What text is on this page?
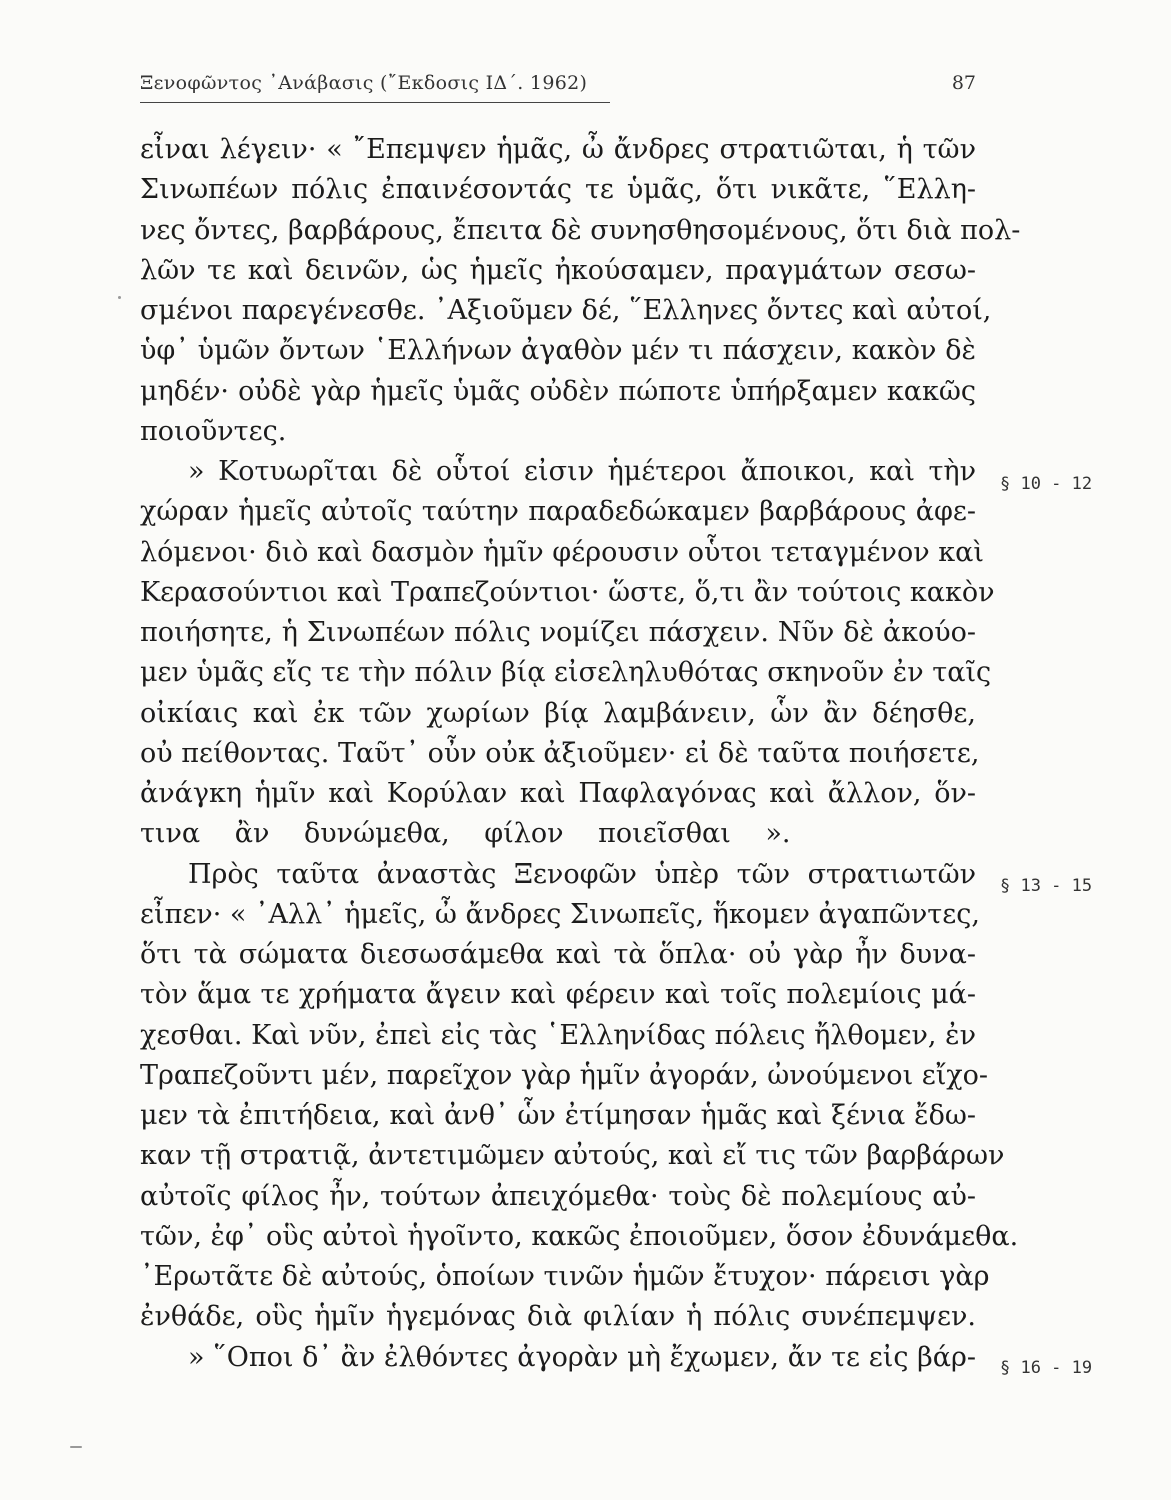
Ξενοφῶντος ᾿Ανάβασις (῎Εκδοσις ΙΔ΄. 1962)	87
εἶναι λέγειν· « ῎Επεμψεν ἡμᾶς, ὦ ἄνδρες στρατιῶται, ἡ τῶν
Σινωπέων πόλις ἐπαινέσοντάς τε ὑμᾶς, ὅτι νικᾶτε, ῞Ελλη-
νες ὄντες, βαρβάρους, ἔπειτα δὲ συνησθησομένους, ὅτι διὰ πολ-
λῶν τε καὶ δεινῶν, ὡς ἡμεῖς ἠκούσαμεν, πραγμάτων σεσω-
σμένοι παρεγένεσθε. ᾿Αξιοῦμεν δέ, ῞Ελληνες ὄντες καὶ αὐτοί,
ὑφ᾿ ὑμῶν ὄντων ῾Ελλήνων ἀγαθὸν μέν τι πάσχειν, κακὸν δὲ
μηδέν· οὐδὲ γὰρ ἡμεῖς ὑμᾶς οὐδὲν πώποτε ὑπήρξαμεν κακῶς
ποιοῦντες.
» Κοτυωρῖται δὲ οὗτοί εἰσιν ἡμέτεροι ἄποικοι, καὶ τὴν
χώραν ἡμεῖς αὐτοῖς ταύτην παραδεδώκαμεν βαρβάρους ἀφε-
λόμενοι· διὸ καὶ δασμὸν ἡμῖν φέρουσιν οὗτοι τεταγμένον καὶ
Κερασούντιοι καὶ Τραπεζούντιοι· ὥστε, ὅ,τι ἂν τούτοις κακὸν
ποιήσητε, ἡ Σινωπέων πόλις νομίζει πάσχειν. Νῦν δὲ ἀκούο-
μεν ὑμᾶς εἴς τε τὴν πόλιν βίᾳ εἰσεληλυθότας σκηνοῦν ἐν ταῖς
οἰκίαις καὶ ἐκ τῶν χωρίων βίᾳ λαμβάνειν, ὧν ἂν δέησθε,
οὐ πείθοντας. Ταῦτ᾿ οὖν οὐκ ἀξιοῦμεν· εἰ δὲ ταῦτα ποιήσετε,
ἀνάγκη ἡμῖν καὶ Κορύλαν καὶ Παφλαγόνας καὶ ἄλλον, ὅν-
τινα ἂν δυνώμεθα, φίλον ποιεῖσθαι ».
Πρὸς ταῦτα ἀναστὰς Ξενοφῶν ὑπὲρ τῶν στρατιωτῶν
εἶπεν· « ᾿Αλλ᾿ ἡμεῖς, ὦ ἄνδρες Σινωπεῖς, ἥκομεν ἀγαπῶντες,
ὅτι τὰ σώματα διεσωσάμεθα καὶ τὰ ὅπλα· οὐ γὰρ ἦν δυνα-
τὸν ἅμα τε χρήματα ἄγειν καὶ φέρειν καὶ τοῖς πολεμίοις μά-
χεσθαι. Καὶ νῦν, ἐπεὶ εἰς τὰς ῾Ελληνίδας πόλεις ἤλθομεν, ἐν
Τραπεζοῦντι μέν, παρεῖχον γὰρ ἡμῖν ἀγοράν, ὠνούμενοι εἴχο-
μεν τὰ ἐπιτήδεια, καὶ ἀνθ᾿ ὧν ἐτίμησαν ἡμᾶς καὶ ξένια ἔδω-
καν τῇ στρατιᾷ, ἀντετιμῶμεν αὐτούς, καὶ εἴ τις τῶν βαρβάρων
αὐτοῖς φίλος ἦν, τούτων ἀπειχόμεθα· τοὺς δὲ πολεμίους αὐ-
τῶν, ἐφ᾿ οὓς αὐτοὶ ἡγοῖντο, κακῶς ἐποιοῦμεν, ὅσον ἐδυνάμεθα.
᾿Ερωτᾶτε δὲ αὐτούς, ὁποίων τινῶν ἡμῶν ἔτυχον· πάρεισι γὰρ
ἐνθάδε, οὓς ἡμῖν ἡγεμόνας διὰ φιλίαν ἡ πόλις συνέπεμψεν.
» ῞Οποι δ᾿ ἂν ἐλθόντες ἀγορὰν μὴ ἔχωμεν, ἄν τε εἰς βάρ-
§ 10 - 12
§ 13 - 15
§ 16 - 19
